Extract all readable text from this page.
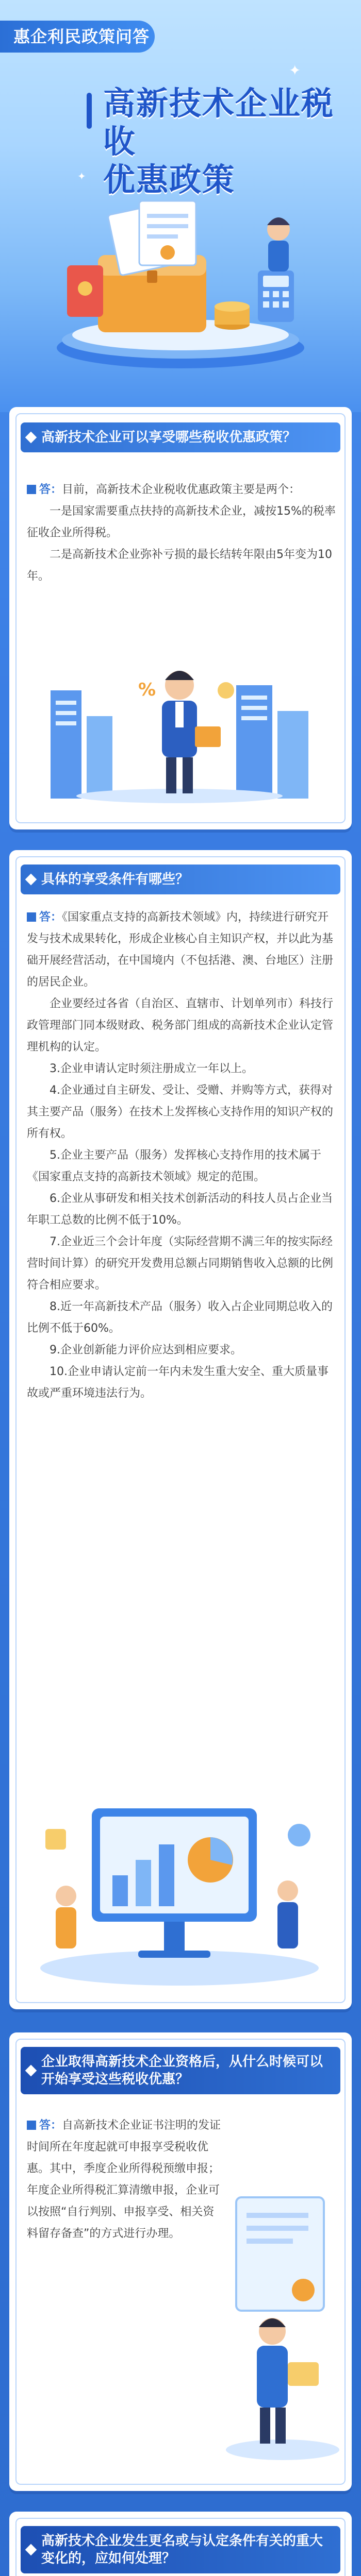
惠企利民政策问答
高新技术企业税收
优惠政策
✦
✦
高新技术企业可以享受哪些税收优惠政策？

答：目前，高新技术企业税收优惠政策主要是两个：

一是国家需要重点扶持的高新技术企业，减按15%的税率征收企业所得税。

二是高新技术企业弥补亏损的最长结转年限由5年变为10年。

%
具体的享受条件有哪些？

答：《国家重点支持的高新技术领域》内，持续进行研究开发与技术成果转化，形成企业核心自主知识产权，并以此为基础开展经营活动，在中国境内（不包括港、澳、台地区）注册的居民企业。

企业要经过各省（自治区、直辖市、计划单列市）科技行政管理部门同本级财政、税务部门组成的高新技术企业认定管理机构的认定。

3.企业申请认定时须注册成立一年以上。

4.企业通过自主研发、受让、受赠、并购等方式，获得对其主要产品（服务）在技术上发挥核心支持作用的知识产权的所有权。

5.企业主要产品（服务）发挥核心支持作用的技术属于《国家重点支持的高新技术领域》规定的范围。

6.企业从事研发和相关技术创新活动的科技人员占企业当年职工总数的比例不低于10%。

7.企业近三个会计年度（实际经营期不满三年的按实际经营时间计算）的研究开发费用总额占同期销售收入总额的比例符合相应要求。

8.近一年高新技术产品（服务）收入占企业同期总收入的比例不低于60%。

9.企业创新能力评价应达到相应要求。

10.企业申请认定前一年内未发生重大安全、重大质量事故或严重环境违法行为。

企业取得高新技术企业资格后，从什么时候可以开始享受这些税收优惠？

答：自高新技术企业证书注明的发证时间所在年度起就可申报享受税收优惠。其中，季度企业所得税预缴申报；年度企业所得税汇算清缴申报，企业可以按照“自行判别、申报享受、相关资料留存备查”的方式进行办理。

高新技术企业发生更名或与认定条件有关的重大变化的，应如何处理？
